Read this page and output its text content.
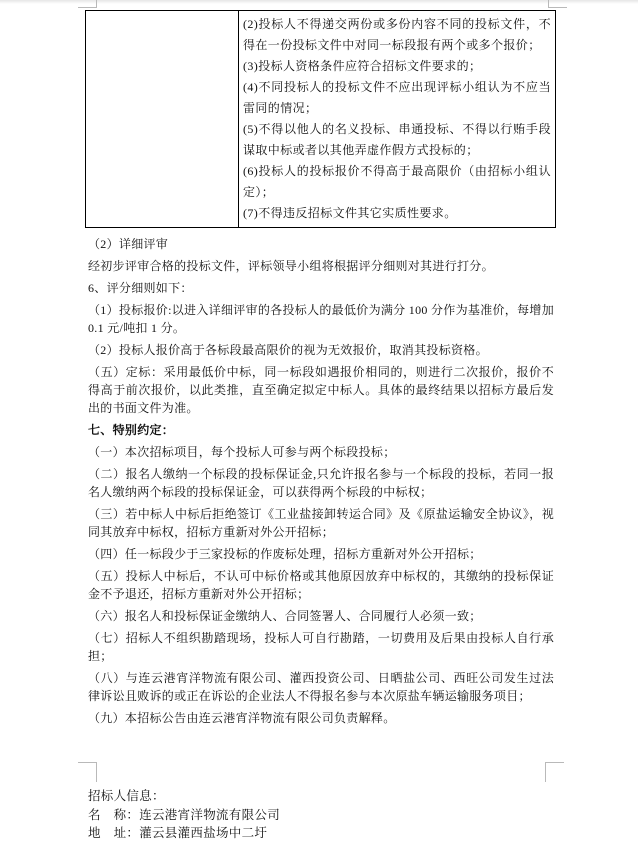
(2)投标人不得递交两份或多份内容不同的投标文件，不得在一份投标文件中对同一标段报有两个或多个报价；
(3)投标人资格条件应符合招标文件要求的；
(4)不同投标人的投标文件不应出现评标小组认为不应当雷同的情况；
(5)不得以他人的名义投标、串通投标、不得以行贿手段谋取中标或者以其他弄虚作假方式投标的；
(6)投标人的投标报价不得高于最高限价（由招标小组认定）；
(7)不得违反招标文件其它实质性要求。

（2）详细评审

经初步评审合格的投标文件，评标领导小组将根据评分细则对其进行打分。

6、评分细则如下：

（1）投标报价:以进入详细评审的各投标人的最低价为满分 100 分作为基准价，每增加 0.1 元/吨扣 1 分。

（2）投标人报价高于各标段最高限价的视为无效报价，取消其投标资格。

（五）定标：采用最低价中标，同一标段如遇报价相同的，则进行二次报价，报价不得高于前次报价，以此类推，直至确定拟定中标人。具体的最终结果以招标方最后发出的书面文件为准。

七、特别约定：

（一）本次招标项目，每个投标人可参与两个标段投标；

（二）报名人缴纳一个标段的投标保证金,只允许报名参与一个标段的投标，若同一报名人缴纳两个标段的投标保证金，可以获得两个标段的中标权；

（三）若中标人中标后拒绝签订《工业盐接卸转运合同》及《原盐运输安全协议》，视同其放弃中标权，招标方重新对外公开招标；

（四）任一标段少于三家投标的作废标处理，招标方重新对外公开招标；

（五）投标人中标后，不认可中标价格或其他原因放弃中标权的，其缴纳的投标保证金不予退还，招标方重新对外公开招标；

（六）报名人和投标保证金缴纳人、合同签署人、合同履行人必须一致；

（七）招标人不组织勘踏现场，投标人可自行勘踏，一切费用及后果由投标人自行承担；

（八）与连云港宵洋物流有限公司、灌西投资公司、日晒盐公司、西旺公司发生过法律诉讼且败诉的或正在诉讼的企业法人不得报名参与本次原盐车辆运输服务项目；

（九）本招标公告由连云港宵洋物流有限公司负责解释。

招标人信息：
名　称：连云港宵洋物流有限公司
地　址：灌云县灌西盐场中二圩
